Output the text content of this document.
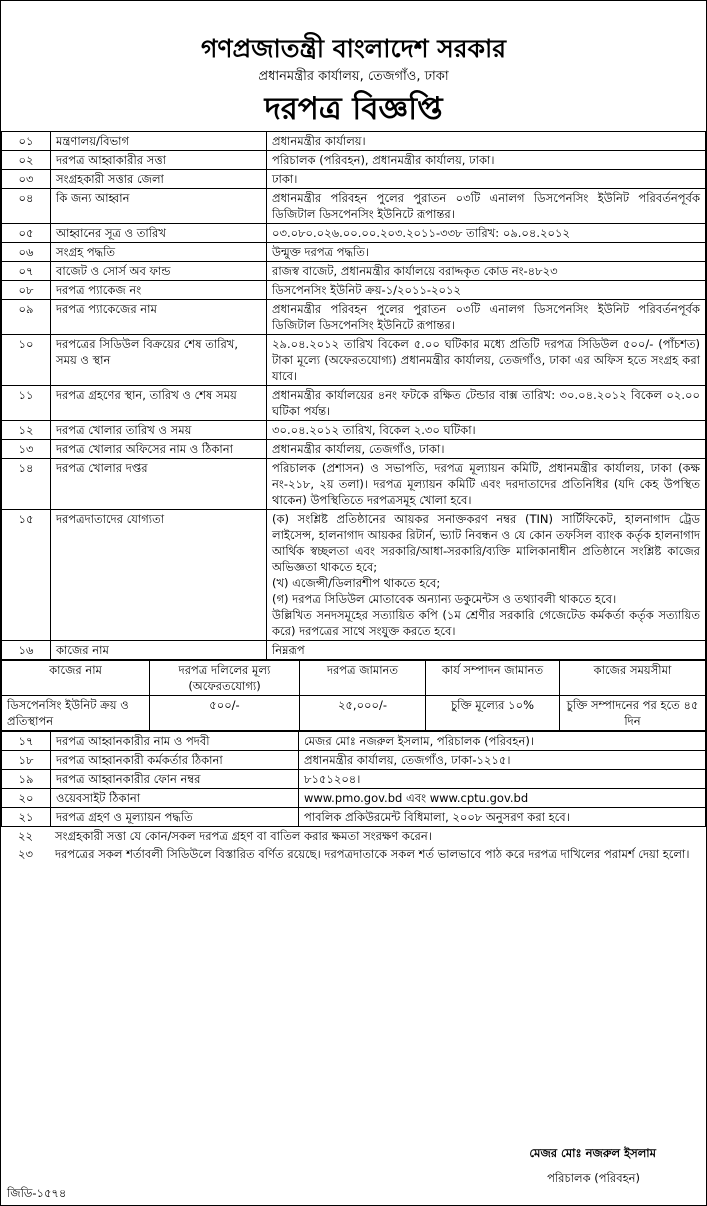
গণপ্রজাতন্ত্রী বাংলাদেশ সরকার
প্রধানমন্ত্রীর কার্যালয়, তেজগাঁও, ঢাকা
দরপত্র বিজ্ঞপ্তি
০১	মন্ত্রণালয়/বিভাগ	প্রধানমন্ত্রীর কার্যালয়।
০২	দরপত্র আহ্বাকারীর সত্তা	পরিচালক (পরিবহন), প্রধানমন্ত্রীর কার্যালয়, ঢাকা।
০৩	সংগ্রহকারী সত্তার জেলা	ঢাকা।
০৪	কি জন্য আহ্বান	প্রধানমন্ত্রীর পরিবহন পুলের পুরাতন ০৩টি এনালগ ডিসপেনসিং ইউনিট পরিবর্তনপূর্বক ডিজিটাল ডিসপেনসিং ইউনিটে রূপান্তর।
০৫	আহ্বানের সূত্র ও তারিখ	০৩.০৮০.০২৬.০০.০০.২০৩.২০১১-৩৩৮ তারিখ: ০৯.০৪.২০১২
০৬	সংগ্রহ পদ্ধতি	উন্মুক্ত দরপত্র পদ্ধতি।
০৭	বাজেট ও সোর্স অব ফান্ড	রাজস্ব বাজেট, প্রধানমন্ত্রীর কার্যালয়ে বরাদ্দকৃত কোড নং-৪৮২৩
০৮	দরপত্র প্যাকেজ নং	ডিসপেনসিং ইউনিট ক্রয়-১/২০১১-২০১২
০৯	দরপত্র প্যাকেজের নাম	প্রধানমন্ত্রীর পরিবহন পুলের পুরাতন ০৩টি এনালগ ডিসপেনসিং ইউনিট পরিবর্তনপূর্বক ডিজিটাল ডিসপেনসিং ইউনিটে রূপান্তর।
১০	দরপত্রের সিডিউল বিক্রয়ের শেষ তারিখ, সময় ও স্থান	২৯.০৪.২০১২ তারিখ বিকেল ৫.০০ ঘটিকার মধ্যে প্রতিটি দরপত্র সিডিউল ৫০০/- (পাঁচশত) টাকা মূল্যে (অফেরতযোগ্য) প্রধানমন্ত্রীর কার্যালয়, তেজগাঁও, ঢাকা এর অফিস হতে সংগ্রহ করা যাবে।
১১	দরপত্র গ্রহণের স্থান, তারিখ ও শেষ সময়	প্রধানমন্ত্রীর কার্যালয়ের ৪নং ফটকে রক্ষিত টেন্ডার বাক্স তারিখ: ৩০.০৪.২০১২ বিকেল ০২.০০ ঘটিকা পর্যন্ত।
১২	দরপত্র খোলার তারিখ ও সময়	৩০.০৪.২০১২ তারিখ, বিকেল ২.৩০ ঘটিকা।
১৩	দরপত্র খোলার অফিসের নাম ও ঠিকানা	প্রধানমন্ত্রীর কার্যালয়, তেজগাঁও, ঢাকা।
১৪	দরপত্র খোলার দপ্তর	পরিচালক (প্রশাসন) ও সভাপতি, দরপত্র মূল্যায়ন কমিটি, প্রধানমন্ত্রীর কার্যালয়, ঢাকা (কক্ষ নং-২১৮, ২য় তলা)। দরপত্র মূল্যায়ন কমিটি এবং দরদাতাদের প্রতিনিধির (যদি কেহ উপস্থিত থাকেন) উপস্থিতিতে দরপত্রসমূহ খোলা হবে।
১৫	দরপত্রদাতাদের যোগ্যতা	(ক) সংশ্লিষ্ট প্রতিষ্ঠানের আয়কর সনাক্তকরণ নম্বর (TIN) সার্টিফিকেট, হালনাগাদ ট্রেড লাইসেন্স, হালনাগাদ আয়কর রিটার্ন, ভ্যাট নিবন্ধন ও যে কোন তফসিল ব্যাংক কর্তৃক হালনাগাদ আর্থিক স্বচ্ছলতা এবং সরকারি/আধা-সরকারি/ব্যক্তি মালিকানাধীন প্রতিষ্ঠানে সংশ্লিষ্ট কাজের অভিজ্ঞতা থাকতে হবে;
(খ) এজেন্সী/ডিলারশীপ থাকতে হবে;
(গ) দরপত্র সিডিউল মোতাবেক অন্যান্য ডকুমেন্টস ও তথ্যাবলী থাকতে হবে।
উল্লিখিত সনদসমূহের সত্যায়িত কপি (১ম শ্রেণীর সরকারি গেজেটেড কর্মকর্তা কর্তৃক সত্যায়িত করে) দরপত্রের সাথে সংযুক্ত করতে হবে।

১৬	কাজের নাম	নিম্নরূপ
কাজের নাম	দরপত্র দলিলের মূল্য (অফেরতযোগ্য)	দরপত্র জামানত	কার্য সম্পাদন জামানত	কাজের সময়সীমা
ডিসপেনসিং ইউনিট ক্রয় ও প্রতিস্থাপন	৫০০/-	২৫,০০০/-	চুক্তি মূল্যের ১০%	চুক্তি সম্পাদনের পর হতে ৪৫ দিন
১৭	দরপত্র আহ্বানকারীর নাম ও পদবী	মেজর মোঃ নজরুল ইসলাম, পরিচালক (পরিবহন)।
১৮	দরপত্র আহ্বানকারী কর্মকর্তার ঠিকানা	প্রধানমন্ত্রীর কার্যালয়, তেজগাঁও, ঢাকা-১২১৫।
১৯	দরপত্র আহ্বানকারীর ফোন নম্বর	৮১৫১২০৪।
২০	ওয়েবসাইট ঠিকানা	www.pmo.gov.bd এবং www.cptu.gov.bd
২১	দরপত্র গ্রহণ ও মূল্যায়ন পদ্ধতি	পাবলিক প্রকিউরমেন্ট বিধিমালা, ২০০৮ অনুসরণ করা হবে।
২২	সংগ্রহকারী সত্তা যে কোন/সকল দরপত্র গ্রহণ বা বাতিল করার ক্ষমতা সংরক্ষণ করেন।
২৩	দরপত্রের সকল শর্তাবলী সিডিউলে বিস্তারিত বর্ণিত রয়েছে। দরপত্রদাতাকে সকল শর্ত ভালভাবে পাঠ করে দরপত্র দাখিলের পরামর্শ দেয়া হলো।
মেজর মোঃ নজরুল ইসলাম
পরিচালক (পরিবহন)
জিডি-১৫৭৪
